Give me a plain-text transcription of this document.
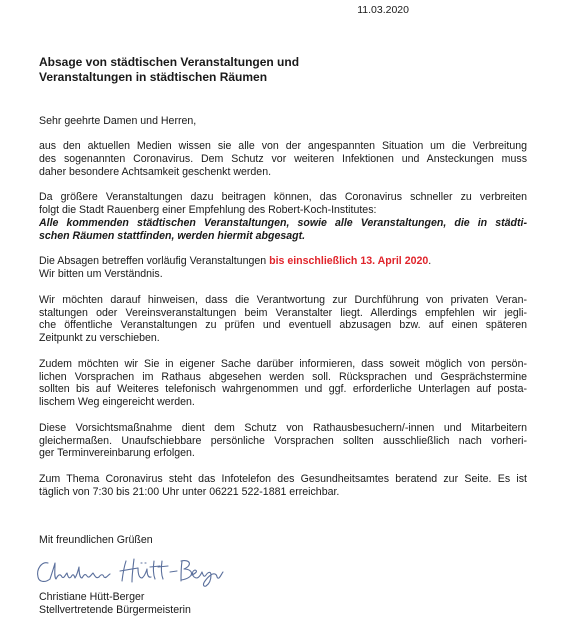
11.03.2020
Absage von städtischen Veranstaltungen und
Veranstaltungen in städtischen Räumen

Sehr geehrte Damen und Herren,

aus den aktuellen Medien wissen sie alle von der angespannten Situation um die Verbreitung
des sogenannten Coronavirus. Dem Schutz vor weiteren Infektionen und Ansteckungen muss
daher besondere Achtsamkeit geschenkt werden.

Da größere Veranstaltungen dazu beitragen können, das Coronavirus schneller zu verbreiten
folgt die Stadt Rauenberg einer Empfehlung des Robert-Koch-Institutes:
Alle kommenden städtischen Veranstaltungen, sowie alle Veranstaltungen, die in städti-
schen Räumen stattfinden, werden hiermit abgesagt.

Die Absagen betreffen vorläufig Veranstaltungen bis einschließlich 13. April 2020.
Wir bitten um Verständnis.

Wir möchten darauf hinweisen, dass die Verantwortung zur Durchführung von privaten Veran-
staltungen oder Vereinsveranstaltungen beim Veranstalter liegt. Allerdings empfehlen wir jegli-
che öffentliche Veranstaltungen zu prüfen und eventuell abzusagen bzw. auf einen späteren
Zeitpunkt zu verschieben.

Zudem möchten wir Sie in eigener Sache darüber informieren, dass soweit möglich von persön-
lichen Vorsprachen im Rathaus abgesehen werden soll. Rücksprachen und Gesprächstermine
sollten bis auf Weiteres telefonisch wahrgenommen und ggf. erforderliche Unterlagen auf posta-
lischem Weg eingereicht werden.

Diese Vorsichtsmaßnahme dient dem Schutz von Rathausbesuchern/-innen und Mitarbeitern
gleichermaßen. Unaufschiebbare persönliche Vorsprachen sollten ausschließlich nach vorheri-
ger Terminvereinbarung erfolgen.

Zum Thema Coronavirus steht das Infotelefon des Gesundheitsamtes beratend zur Seite. Es ist
täglich von 7:30 bis 21:00 Uhr unter 06221 522-1881 erreichbar.

Mit freundlichen Grüßen

Christiane Hütt-Berger
Stellvertretende Bürgermeisterin
